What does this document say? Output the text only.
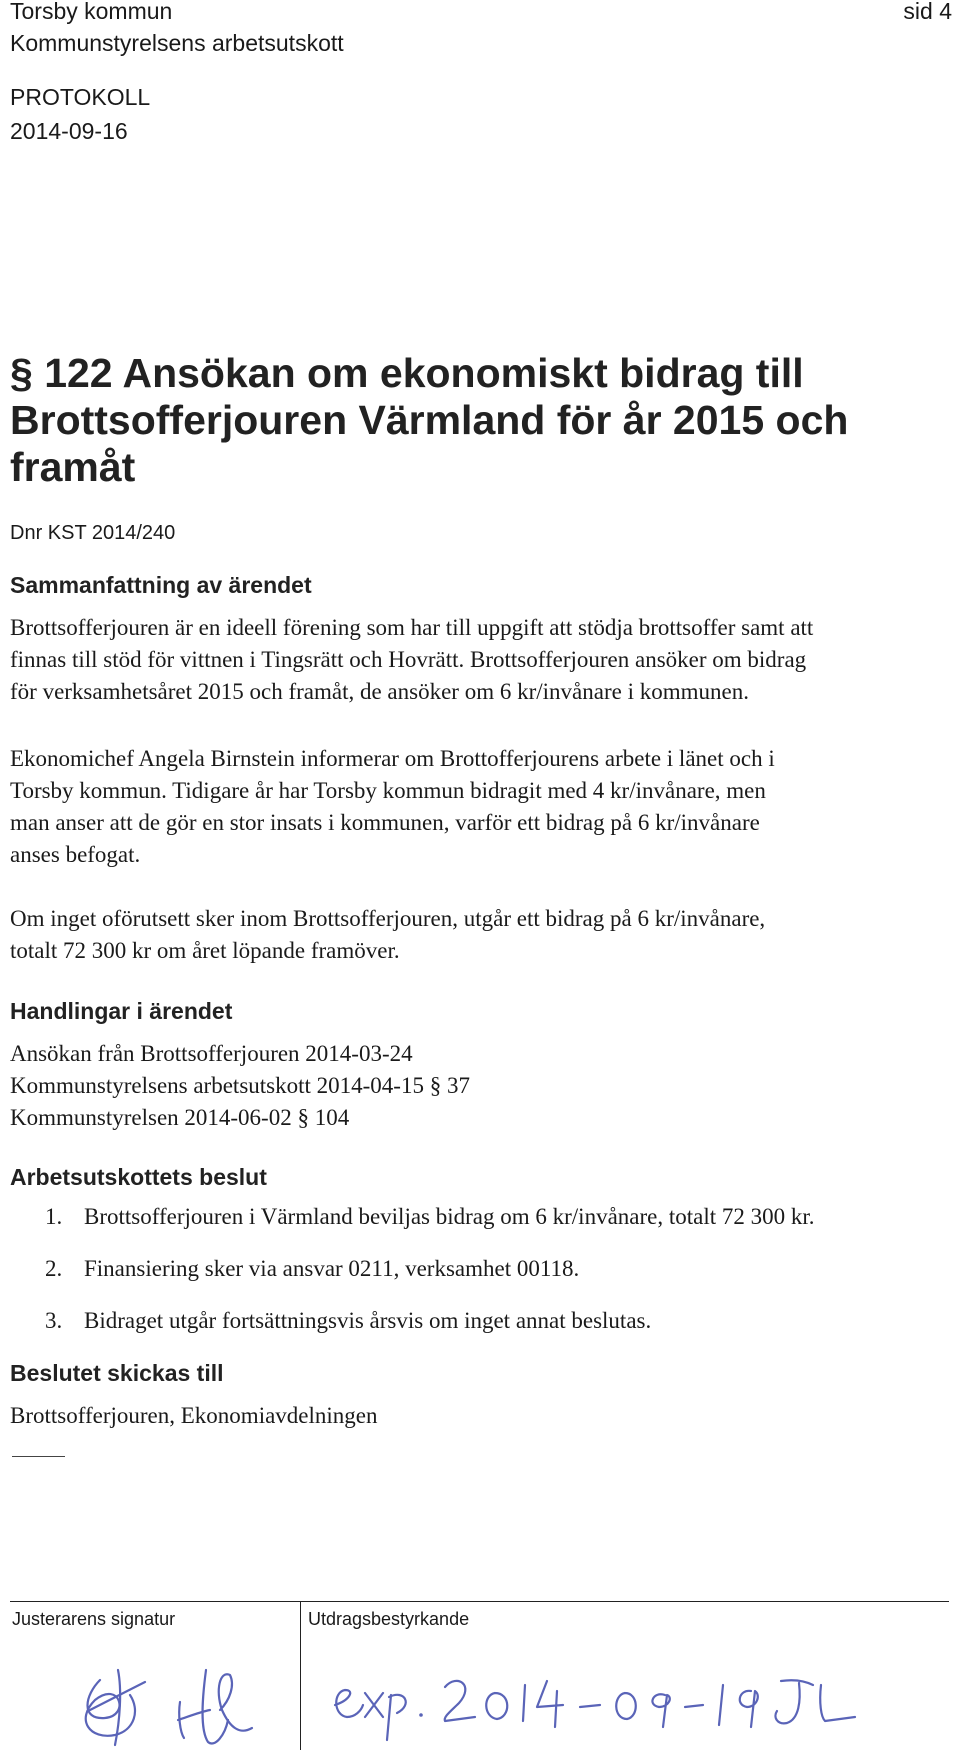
Torsby kommun
Kommunstyrelsens arbetsutskott
sid 4
PROTOKOLL
2014-09-16

§ 122 Ansökan om ekonomiskt bidrag till

Brottsofferjouren Värmland för år 2015 och

framåt

Dnr KST 2014/240

Sammanfattning av ärendet

Brottsofferjouren är en ideell förening som har till uppgift att stödja brottsoffer samt att

finnas till stöd för vittnen i Tingsrätt och Hovrätt. Brottsofferjouren ansöker om bidrag

för verksamhetsåret 2015 och framåt, de ansöker om 6 kr/invånare i kommunen.

Ekonomichef Angela Birnstein informerar om Brottofferjourens arbete i länet och i

Torsby kommun. Tidigare år har Torsby kommun bidragit med 4 kr/invånare, men

man anser att de gör en stor insats i kommunen, varför ett bidrag på 6 kr/invånare

anses befogat.

Om inget oförutsett sker inom Brottsofferjouren, utgår ett bidrag på 6 kr/invånare,

totalt 72 300 kr om året löpande framöver.

Handlingar i ärendet

Ansökan från Brottsofferjouren 2014-03-24

Kommunstyrelsens arbetsutskott 2014-04-15 § 37

Kommunstyrelsen 2014-06-02 § 104

Arbetsutskottets beslut

1. Brottsofferjouren i Värmland beviljas bidrag om 6 kr/invånare, totalt 72 300 kr.
2. Finansiering sker via ansvar 0211, verksamhet 00118.
3. Bidraget utgår fortsättningsvis årsvis om inget annat beslutas.

Beslutet skickas till

Brottsofferjouren, Ekonomiavdelningen

Justerarens signatur	Utdragsbestyrkande
